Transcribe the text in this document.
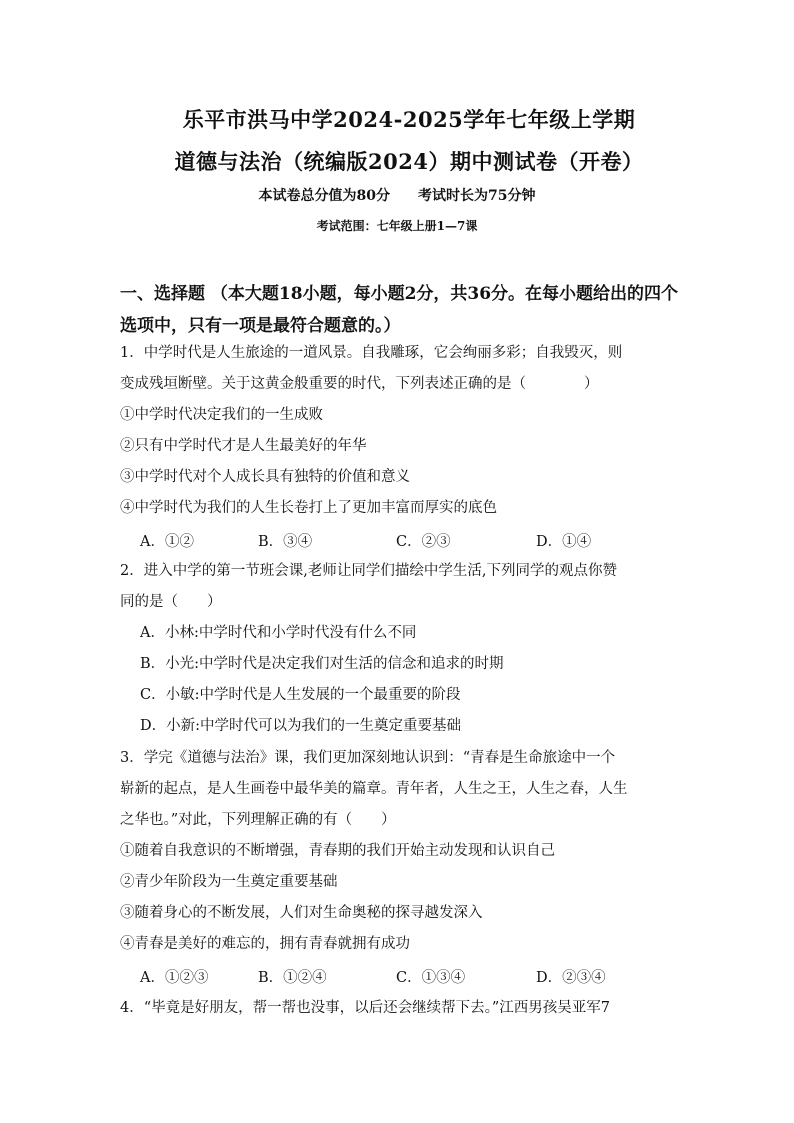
乐平市洪马中学2024-2025学年七年级上学期
道德与法治（统编版2024）期中测试卷（开卷）
本试卷总分值为80分 考试时长为75分钟
考试范围：七年级上册1—7课
一、选择题 （本大题18小题，每小题2分，共36分。在每小题给出的四个选项中，只有一项是最符合题意的。）
1．中学时代是人生旅途的一道风景。自我雕琢，它会绚丽多彩；自我毁灭，则
变成残垣断壁。关于这黄金般重要的时代，下列表述正确的是（　　　　）
①中学时代决定我们的一生成败
②只有中学时代才是人生最美好的年华
③中学时代对个人成长具有独特的价值和意义
④中学时代为我们的人生长卷打上了更加丰富而厚实的底色
A．①②	B．③④	C．②③	D．①④
2．进入中学的第一节班会课,老师让同学们描绘中学生活,下列同学的观点你赞
同的是（　　）
A．小林:中学时代和小学时代没有什么不同
B．小光:中学时代是决定我们对生活的信念和追求的时期
C．小敏:中学时代是人生发展的一个最重要的阶段
D．小新:中学时代可以为我们的一生奠定重要基础
3．学完《道德与法治》课，我们更加深刻地认识到：“青春是生命旅途中一个
崭新的起点，是人生画卷中最华美的篇章。青年者，人生之王，人生之春，人生
之华也。”对此，下列理解正确的有（　　）
①随着自我意识的不断增强，青春期的我们开始主动发现和认识自己
②青少年阶段为一生奠定重要基础
③随着身心的不断发展，人们对生命奥秘的探寻越发深入
④青春是美好的难忘的，拥有青春就拥有成功
A．①②③	B．①②④	C．①③④	D．②③④
4．“毕竟是好朋友，帮一帮也没事，以后还会继续帮下去。”江西男孩吴亚军7
